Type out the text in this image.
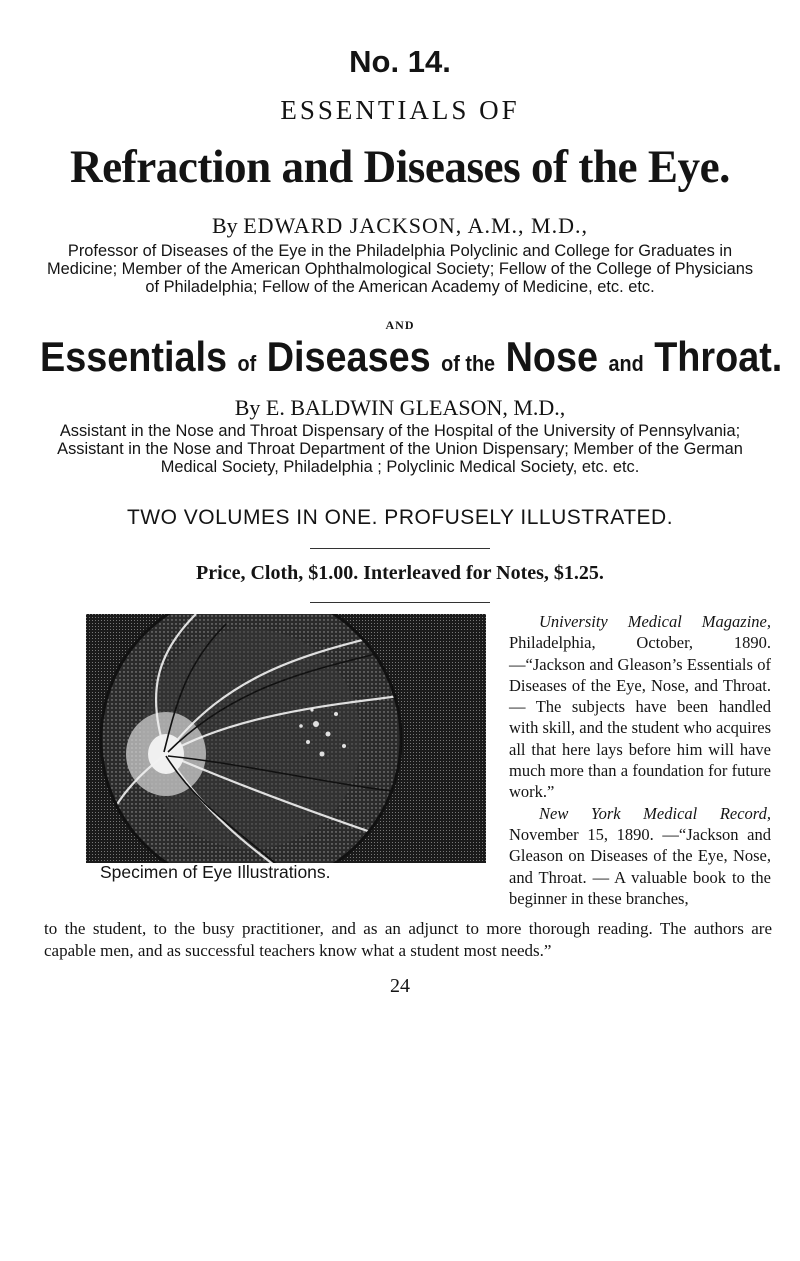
No. 14.
ESSENTIALS OF
Refraction and Diseases of the Eye.
By EDWARD JACKSON, A.M., M.D.,
Professor of Diseases of the Eye in the Philadelphia Polyclinic and College for Graduates in Medicine; Member of the American Ophthalmological Society; Fellow of the College of Physicians of Philadelphia; Fellow of the American Academy of Medicine, etc. etc.
AND
Essentials of Diseases of the Nose and Throat.
By E. BALDWIN GLEASON, M.D.,
Assistant in the Nose and Throat Dispensary of the Hospital of the University of Pennsylvania; Assistant in the Nose and Throat Department of the Union Dispensary; Member of the German Medical Society, Philadelphia ; Polyclinic Medical Society, etc. etc.
TWO VOLUMES IN ONE. PROFUSELY ILLUSTRATED.
Price, Cloth, $1.00. Interleaved for Notes, $1.25.
Specimen of Eye Illustrations.

University Medical Magazine, Philadelphia, October, 1890.—“Jackson and Gleason’s Essentials of Diseases of the Eye, Nose, and Throat. — The subjects have been handled with skill, and the student who acquires all that here lays before him will have much more than a foundation for future work.”

New York Medical Record, November 15, 1890. —“Jackson and Gleason on Diseases of the Eye, Nose, and Throat. — A valuable book to the beginner in these branches,

to the student, to the busy practitioner, and as an adjunct to more thorough reading. The authors are capable men, and as successful teachers know what a student most needs.”
24
